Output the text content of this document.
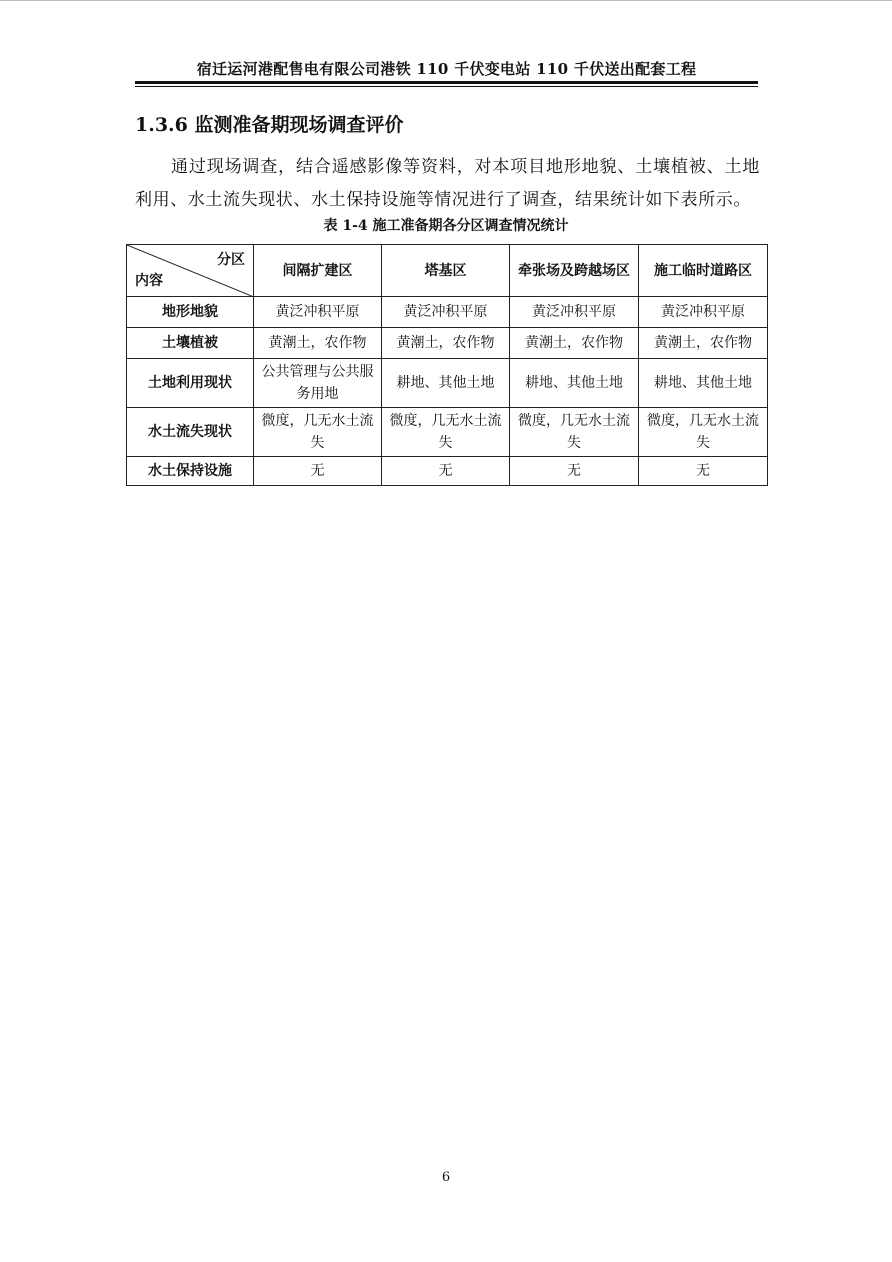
宿迁运河港配售电有限公司港铁 110 千伏变电站 110 千伏送出配套工程
1.3.6 监测准备期现场调查评价
通过现场调查，结合遥感影像等资料，对本项目地形地貌、土壤植被、土地利用、水土流失现状、水土保持设施等情况进行了调查，结果统计如下表所示。
表 1-4 施工准备期各分区调查情况统计
分区
内容	间隔扩建区	塔基区	牵张场及跨越场区	施工临时道路区
地形地貌	黄泛冲积平原	黄泛冲积平原	黄泛冲积平原	黄泛冲积平原
土壤植被	黄潮土，农作物	黄潮土，农作物	黄潮土，农作物	黄潮土，农作物
土地利用现状	公共管理与公共服务用地	耕地、其他土地	耕地、其他土地	耕地、其他土地
水土流失现状	微度，几无水土流失	微度，几无水土流失	微度，几无水土流失	微度，几无水土流失
水土保持设施	无	无	无	无
6
